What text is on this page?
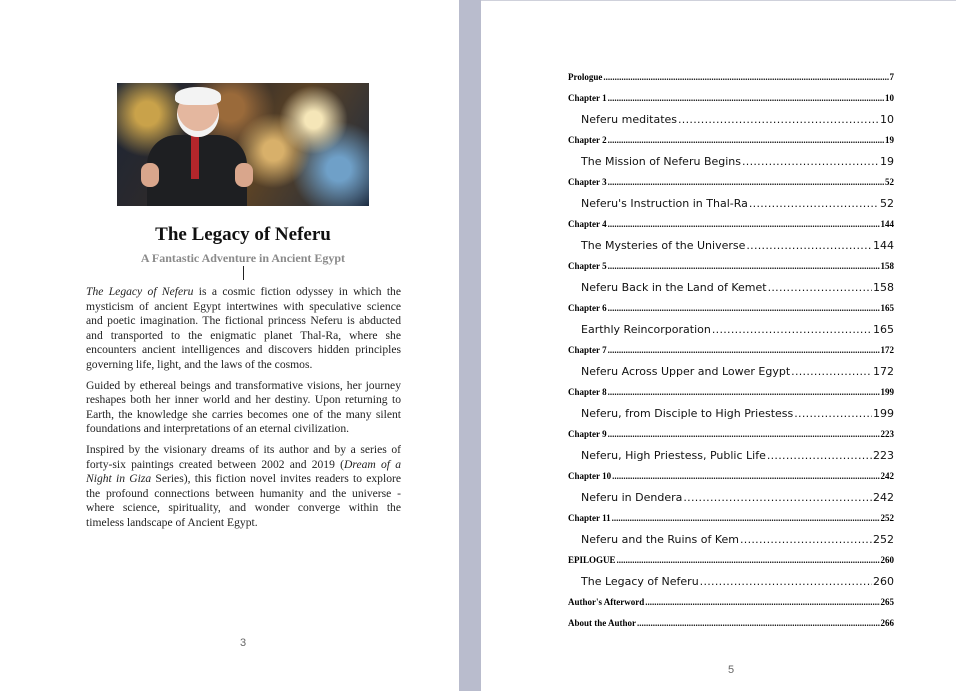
The Legacy of Neferu
A Fantastic Adventure in Ancient Egypt

The Legacy of Neferu is a cosmic fiction odyssey in which the mysticism of ancient Egypt intertwines with speculative science and poetic imagination. The fictional princess Neferu is abducted and transported to the enigmatic planet Thal-Ra, where she encounters ancient intelligences and discovers hidden principles governing life, light, and the laws of the cosmos.

Guided by ethereal beings and transformative visions, her journey reshapes both her inner world and her destiny. Upon returning to Earth, the knowledge she carries becomes one of the many silent foundations and interpretations of an eternal civilization.

Inspired by the visionary dreams of its author and by a series of forty-six paintings created between 2002 and 2019 (Dream of a Night in Giza Series), this fiction novel invites readers to explore the profound connections between humanity and the universe - where science, spirituality, and wonder converge within the timeless landscape of Ancient Egypt.

3
Prologue .....	7
Chapter 1 .....	10
Neferu meditates .....	10
Chapter 2 .....	19
The Mission of Neferu Begins .....	19
Chapter 3 .....	52
Neferu's Instruction in Thal-Ra .....	52
Chapter 4 .....	144
The Mysteries of the Universe .....	144
Chapter 5 .....	158
Neferu Back in the Land of Kemet .....	158
Chapter 6 .....	165
Earthly Reincorporation .....	165
Chapter 7 .....	172
Neferu Across Upper and Lower Egypt .....	172
Chapter 8 .....	199
Neferu, from Disciple to High Priestess .....	199
Chapter 9 .....	223
Neferu, High Priestess, Public Life .....	223
Chapter 10 .....	242
Neferu in Dendera .....	242
Chapter 11 .....	252
Neferu and the Ruins of Kem .....	252
EPILOGUE .....	260
The Legacy of Neferu .....	260
Author's Afterword .....	265
About the Author .....	266
5
